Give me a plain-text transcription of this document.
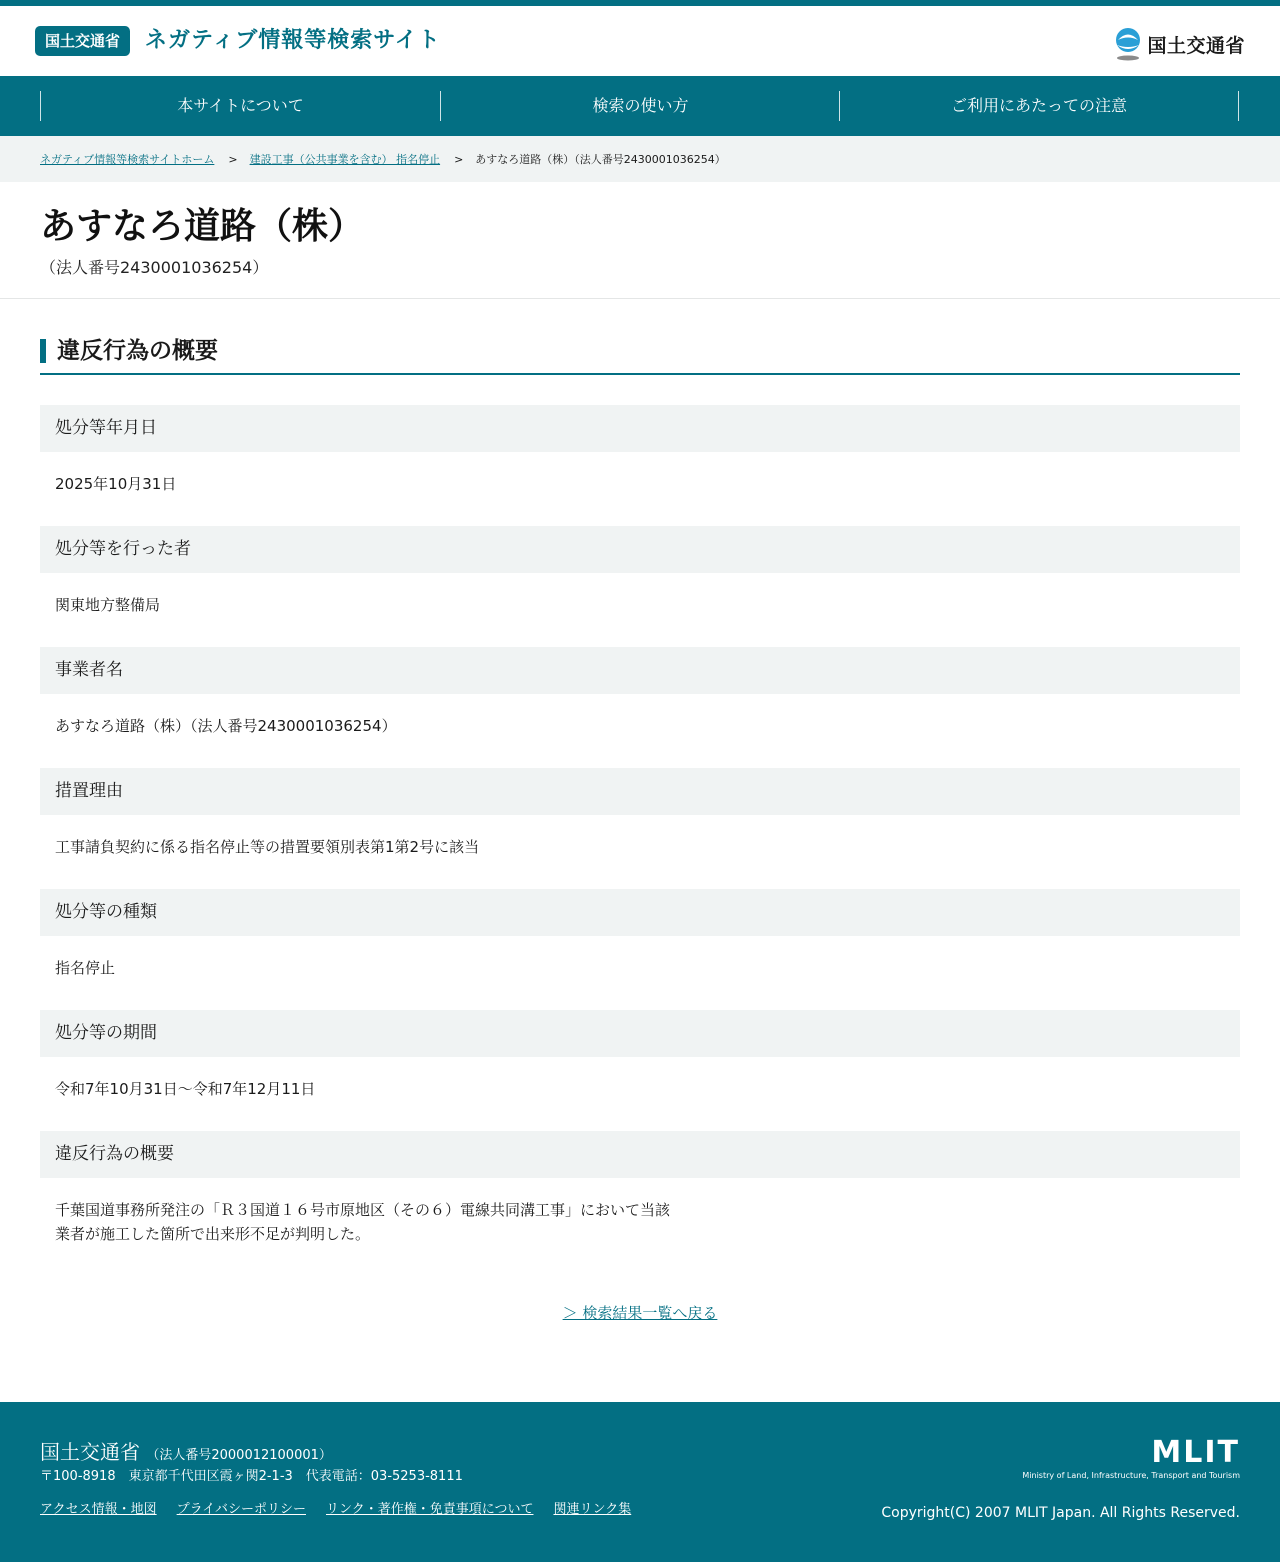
国土交通省	ネガティブ情報等検索サイト	国土交通省
本サイトについて	検索の使い方	ご利用にあたっての注意
ネガティブ情報等検索サイトホーム > 建設工事（公共事業を含む） 指名停止 > あすなろ道路（株）（法人番号2430001036254）
あすなろ道路（株）
（法人番号2430001036254）
違反行為の概要
処分等年月日
2025年10月31日
処分等を行った者
関東地方整備局
事業者名
あすなろ道路（株）（法人番号2430001036254）
措置理由
工事請負契約に係る指名停止等の措置要領別表第1第2号に該当
処分等の種類
指名停止
処分等の期間
令和7年10月31日～令和7年12月11日
違反行為の概要
千葉国道事務所発注の「Ｒ３国道１６号市原地区（その６）電線共同溝工事」において当該
業者が施工した箇所で出来形不足が判明した。
＞ 検索結果一覧へ戻る
国土交通省 （法人番号2000012100001）
〒100-8918　東京都千代田区霞ヶ関2-1-3　代表電話：03-5253-8111
アクセス情報・地図 プライバシーポリシー リンク・著作権・免責事項について 関連リンク集
MLIT
Ministry of Land, Infrastructure, Transport and Tourism
Copyright(C) 2007 MLIT Japan. All Rights Reserved.
